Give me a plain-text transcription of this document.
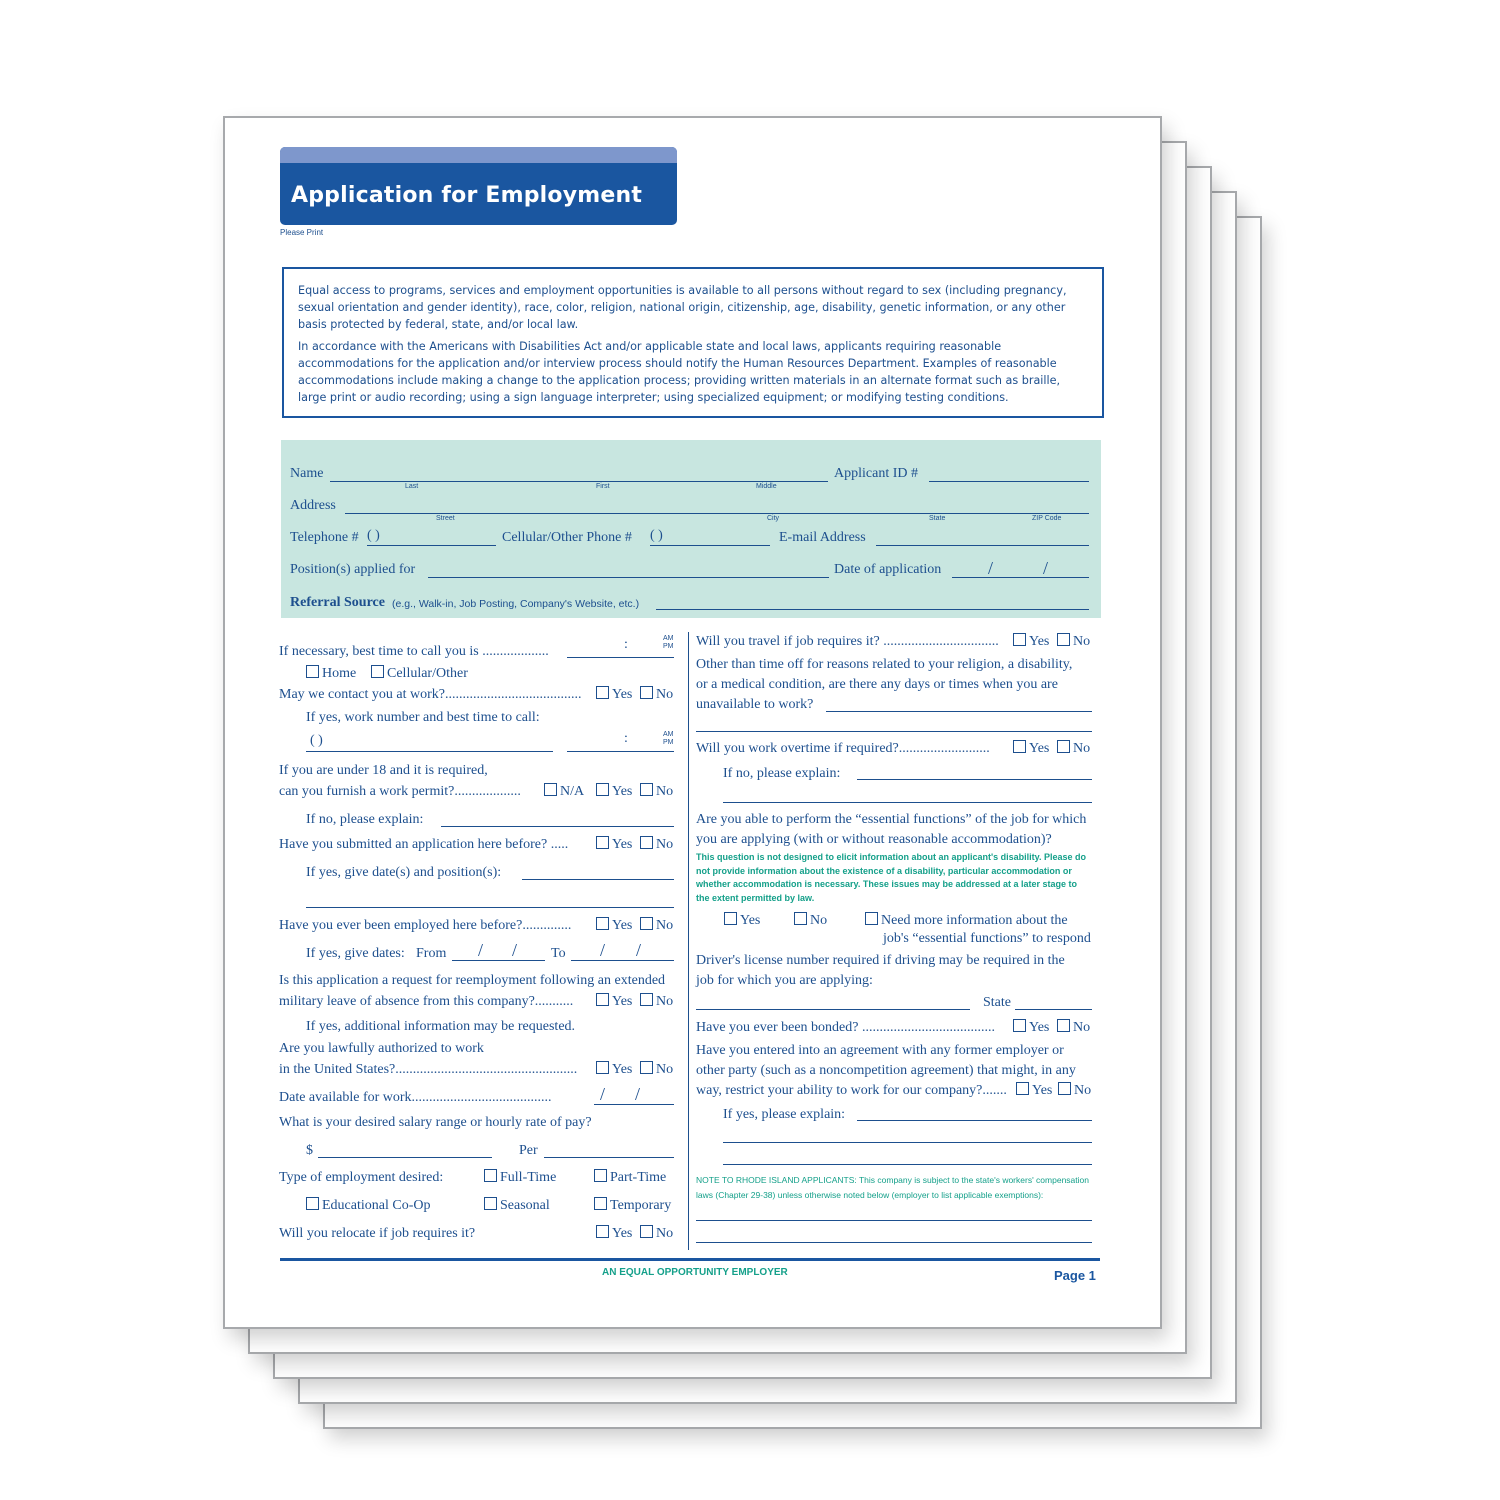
Application for Employment
Please Print

Equal access to programs, services and employment opportunities is available to all persons without regard to sex (including pregnancy, sexual orientation and gender identity), race, color, religion, national origin, citizenship, age, disability, genetic information, or any other basis protected by federal, state, and/or local law.

In accordance with the Americans with Disabilities Act and/or applicable state and local laws, applicants requiring reasonable accommodations for the application and/or interview process should notify the Human Resources Department. Examples of reasonable accommodations include making a change to the application process; providing written materials in an alternate format such as braille, large print or audio recording; using a sign language interpreter; using specialized equipment; or modifying testing conditions.

Name
Last	First	Middle
Applicant ID #
Address
Street	City	State	ZIP Code
Telephone # ( )	Cellular/Other Phone # ( )	E-mail Address
Position(s) applied for	Date of application	/	/
Referral Source (e.g., Walk-in, Job Posting, Company's Website, etc.)
If necessary, best time to call you is ...................	:	AM
PM
Home	Cellular/Other
May we contact you at work?.......................................	Yes	No
If yes, work number and best time to call:
( )	:	AM
PM
If you are under 18 and it is required,
can you furnish a work permit?...................	N/A	Yes	No
If no, please explain:
Have you submitted an application here before? .....	Yes	No
If yes, give date(s) and position(s):
Have you ever been employed here before?..............	Yes	No
If yes, give dates: From / / To / /
Is this application a request for reemployment following an extended
military leave of absence from this company?...........	Yes	No
If yes, additional information may be requested.
Are you lawfully authorized to work
in the United States?....................................................	Yes	No
Date available for work........................................	/ /
What is your desired salary range or hourly rate of pay?
$	Per
Type of employment desired:	Full-Time	Part-Time
Educational Co-Op	Seasonal	Temporary
Will you relocate if job requires it?	Yes	No
Will you travel if job requires it? .................................	Yes	No
Other than time off for reasons related to your religion, a disability,
or a medical condition, are there any days or times when you are
unavailable to work?
Will you work overtime if required?..........................	Yes	No
If no, please explain:
Are you able to perform the “essential functions” of the job for which
you are applying (with or without reasonable accommodation)?
This question is not designed to elicit information about an applicant's disability. Please do not provide information about the existence of a disability, particular accommodation or whether accommodation is necessary. These issues may be addressed at a later stage to the extent permitted by law.
Yes	No	Need more information about the
job's “essential functions” to respond
Driver's license number required if driving may be required in the
job for which you are applying:
State
Have you ever been bonded? ......................................	Yes	No
Have you entered into an agreement with any former employer or
other party (such as a noncompetition agreement) that might, in any
way, restrict your ability to work for our company?.......	Yes	No
If yes, please explain:
NOTE TO RHODE ISLAND APPLICANTS: This company is subject to the state's workers' compensation laws (Chapter 29-38) unless otherwise noted below (employer to list applicable exemptions):
AN EQUAL OPPORTUNITY EMPLOYER	Page 1
